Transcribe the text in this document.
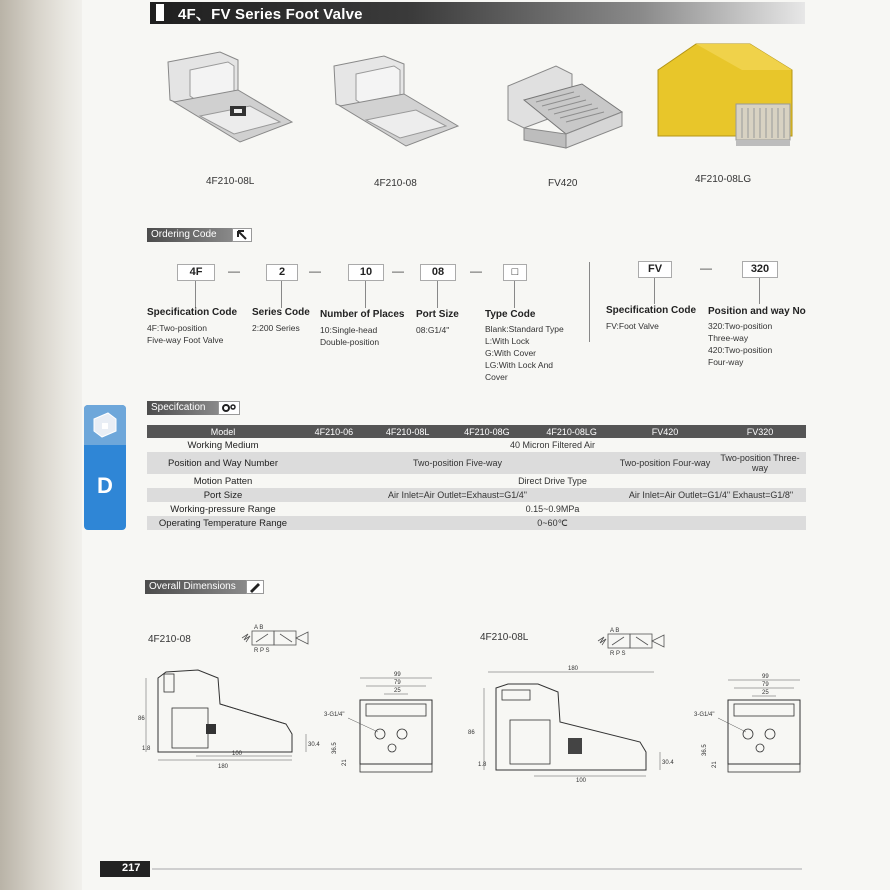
4F、FV Series Foot Valve
4F210-08L	4F210-08	FV420	4F210-08LG
Ordering Code
4F	—	2	—	10	—	08	—	□
Specification Code
4F:Two-position
Five-way Foot Valve
Series Code
2:200 Series
Number of Places
10:Single-head
Double-position
Port Size
08:G1/4"
Type Code
Blank:Standard Type
L:With Lock
G:With Cover
LG:With Lock And
Cover
FV	—	320
Specification Code
FV:Foot Valve
Position and way No
320:Two-position
Three-way
420:Two-position
Four-way
D
Specifcation
Model	4F210-06	4F210-08L	4F210-08G	4F210-08LG	FV420	FV320
Working Medium	40 Micron Filtered Air					
Position and Way Number	Two-position Five-way				Two-position Four-way	Two-position Three-way
Motion Patten	Direct Drive Type					
Port Size	Air Inlet=Air Outlet=Exhaust=G1/4"				Air Inlet=Air Outlet=G1/4" Exhaust=G1/8"	
Working-pressure Range	0.15~0.9MPa					
Operating Temperature Range	0~60℃					
Overall Dimensions
4F210-08	4F210-08L
A B
R P S
A B
R P S
86
1.8
30.4
100
180
99
79
25
3-G1/4"
36.5
21
180
86
1.8	30.4
100
99
79
25
3-G1/4"
36.5
21
217
